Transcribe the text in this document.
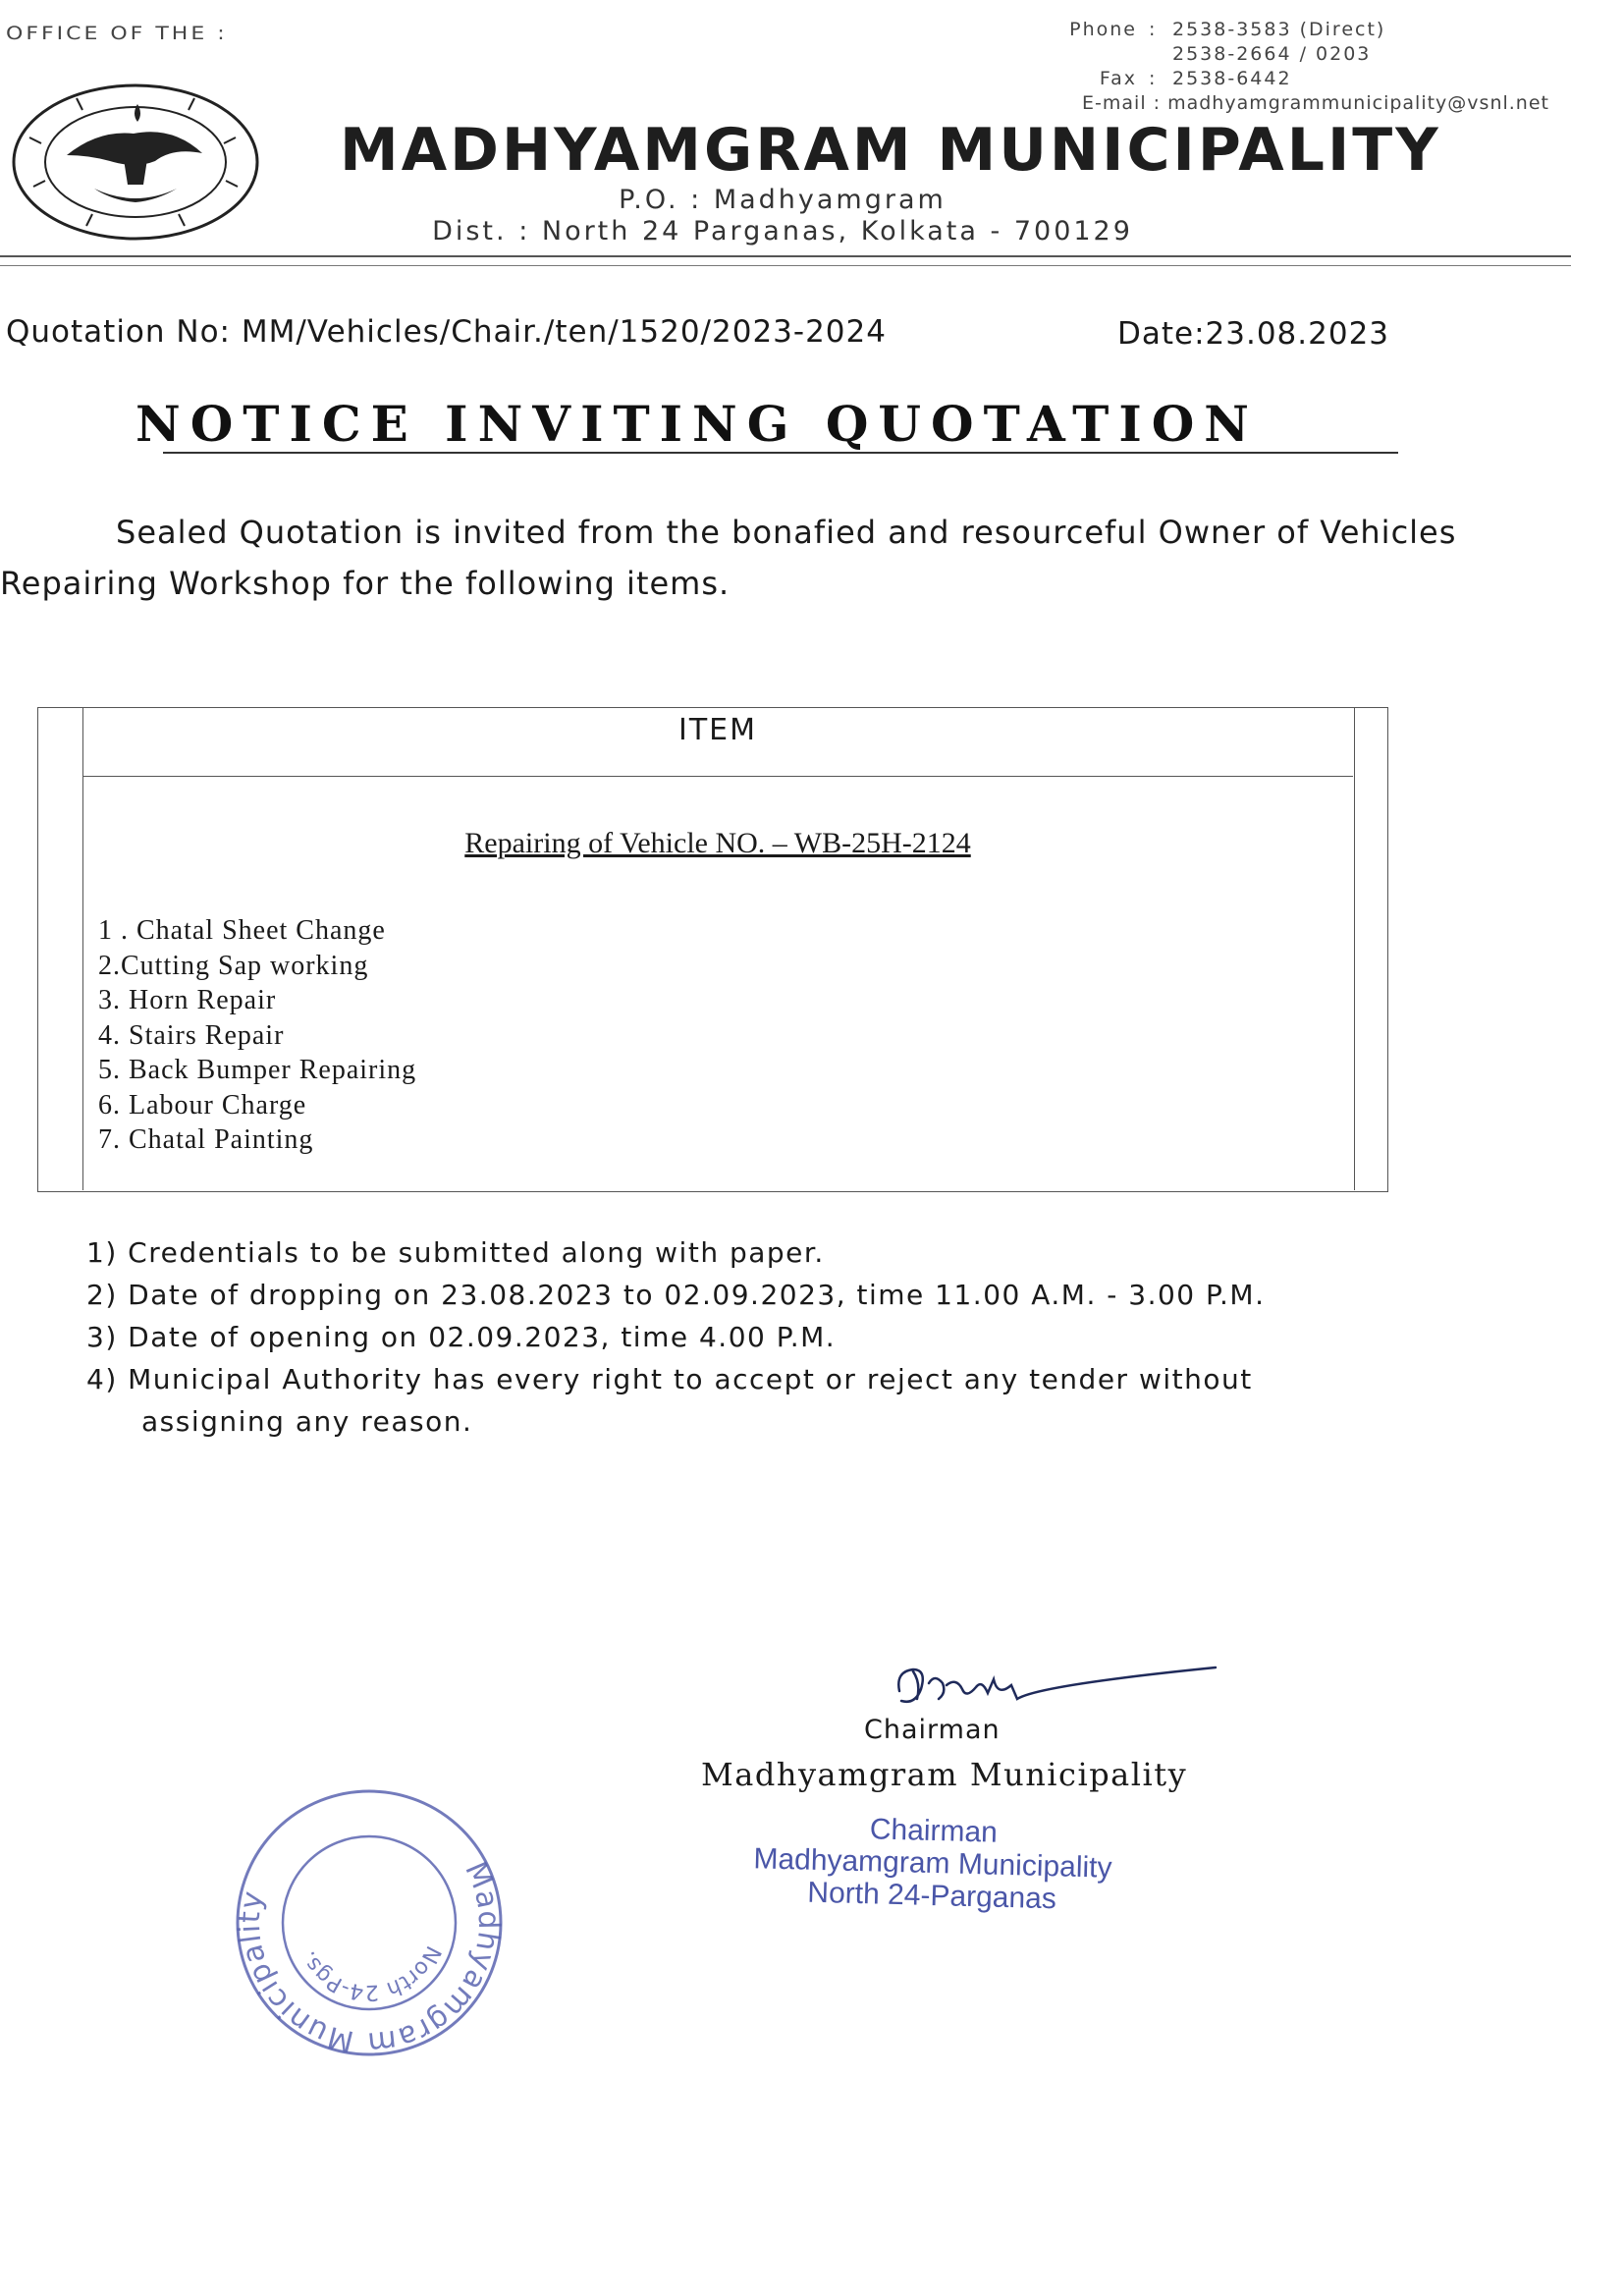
OFFICE OF THE :	Phone : 2538-3583 (Direct)
2538-2664 / 0203
Fax : 2538-6442
E-mail : madhyamgrammunicipality@vsnl.net
MADHYAMGRAM MUNICIPALITY
P.O. : Madhyamgram
Dist. : North 24 Parganas, Kolkata - 700129
Quotation No: MM/Vehicles/Chair./ten/1520/2023-2024	Date:23.08.2023
NOTICE INVITING QUOTATION

Sealed Quotation is invited from the bonafied and resourceful Owner of Vehicles Repairing Workshop for the following items.

ITEM
Repairing of Vehicle NO. – WB-25H-2124
1 . Chatal Sheet Change
2.Cutting Sap working
3. Horn Repair
4. Stairs Repair
5. Back Bumper Repairing
6. Labour Charge
7. Chatal Painting
1) Credentials to be submitted along with paper.
2) Date of dropping on 23.08.2023 to 02.09.2023, time 11.00 A.M. - 3.00 P.M.
3) Date of opening on 02.09.2023, time 4.00 P.M.
4) Municipal Authority has every right to accept or reject any tender without
assigning any reason.
Chairman
Madhyamgram Municipality
Chairman
Madhyamgram Municipality
North 24-Parganas
Madhyamgram Municipality
North 24-Pgs.
